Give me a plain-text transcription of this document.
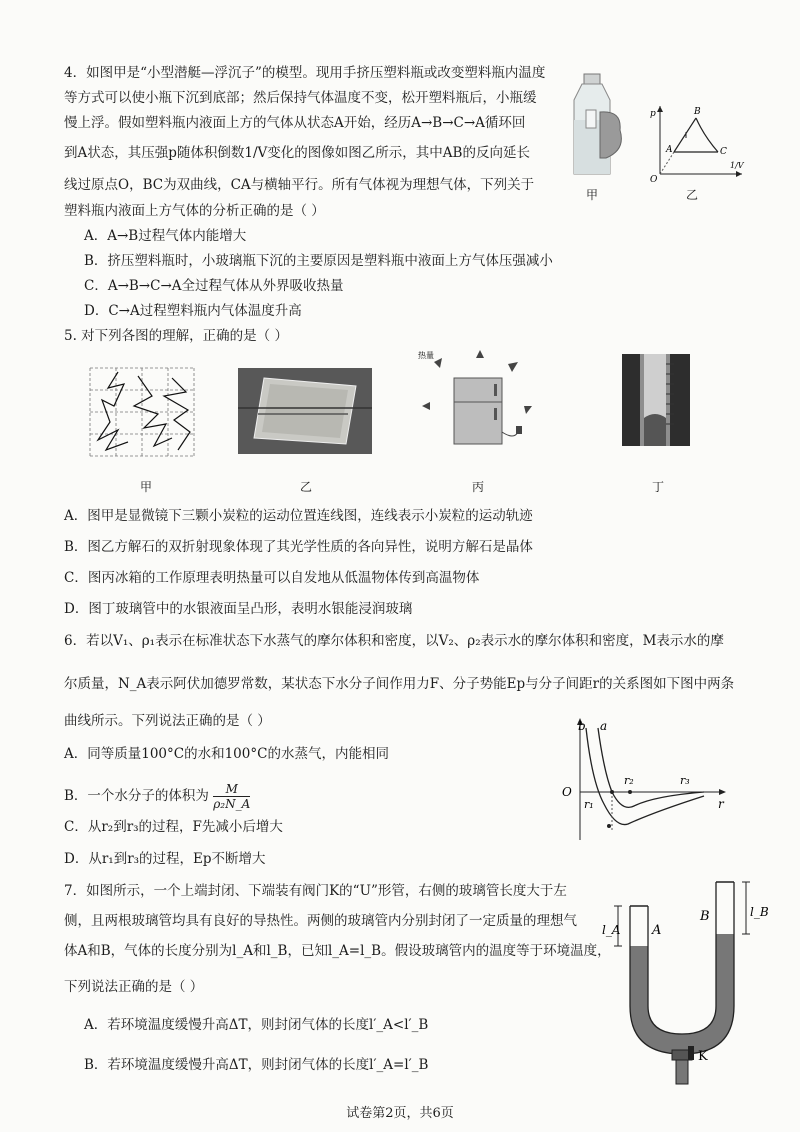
4．如图甲是“小型潜艇—浮沉子”的模型。现用手挤压塑料瓶或改变塑料瓶内温度
等方式可以使小瓶下沉到底部；然后保持气体温度不变，松开塑料瓶后，小瓶缓
慢上浮。假如塑料瓶内液面上方的气体从状态A开始，经历A→B→C→A循环回
到A状态，其压强p随体积倒数1/V变化的图像如图乙所示，其中AB的反向延长
线过原点O，BC为双曲线，CA与横轴平行。所有气体视为理想气体，下列关于
塑料瓶内液面上方气体的分析正确的是（ ）
A．A→B过程气体内能增大
B．挤压塑料瓶时，小玻璃瓶下沉的主要原因是塑料瓶中液面上方气体压强减小
C．A→B→C→A全过程气体从外界吸收热量
D．C→A过程塑料瓶内气体温度升高
甲
p	B
A	C
O
1/V
乙
5. 对下列各图的理解，正确的是（ ）
甲	乙
热量
丙	丁
A．图甲是显微镜下三颗小炭粒的运动位置连线图，连线表示小炭粒的运动轨迹
B．图乙方解石的双折射现象体现了其光学性质的各向异性，说明方解石是晶体
C．图丙冰箱的工作原理表明热量可以自发地从低温物体传到高温物体
D．图丁玻璃管中的水银液面呈凸形，表明水银能浸润玻璃
6．若以V₁、ρ₁表示在标准状态下水蒸气的摩尔体积和密度，以V₂、ρ₂表示水的摩尔体积和密度，M表示水的摩
尔质量，N_A表示阿伏加德罗常数，某状态下水分子间作用力F、分子势能Ep与分子间距r的关系图如下图中两条
曲线所示。下列说法正确的是（ ）
A．同等质量100°C的水和100°C的水蒸气，内能相同
B．一个水分子的体积为 $\frac{M}{\text{ρ₂N\_A}}$
C．从r₂到r₃的过程，F先减小后增大
D．从r₁到r₃的过程，Ep不断增大
b a
O
r
r₁
r₂	r₃
7．如图所示，一个上端封闭、下端装有阀门K的“U”形管，右侧的玻璃管长度大于左
侧，且两根玻璃管均具有良好的导热性。两侧的玻璃管内分别封闭了一定质量的理想气
体A和B，气体的长度分别为l_A和l_B，已知l_A=l_B。假设玻璃管内的温度等于环境温度，
下列说法正确的是（ ）
A．若环境温度缓慢升高ΔT，则封闭气体的长度l′_A<l′_B
B．若环境温度缓慢升高ΔT，则封闭气体的长度l′_A=l′_B
l_A
l_B
A
B
K
试卷第2页，共6页
